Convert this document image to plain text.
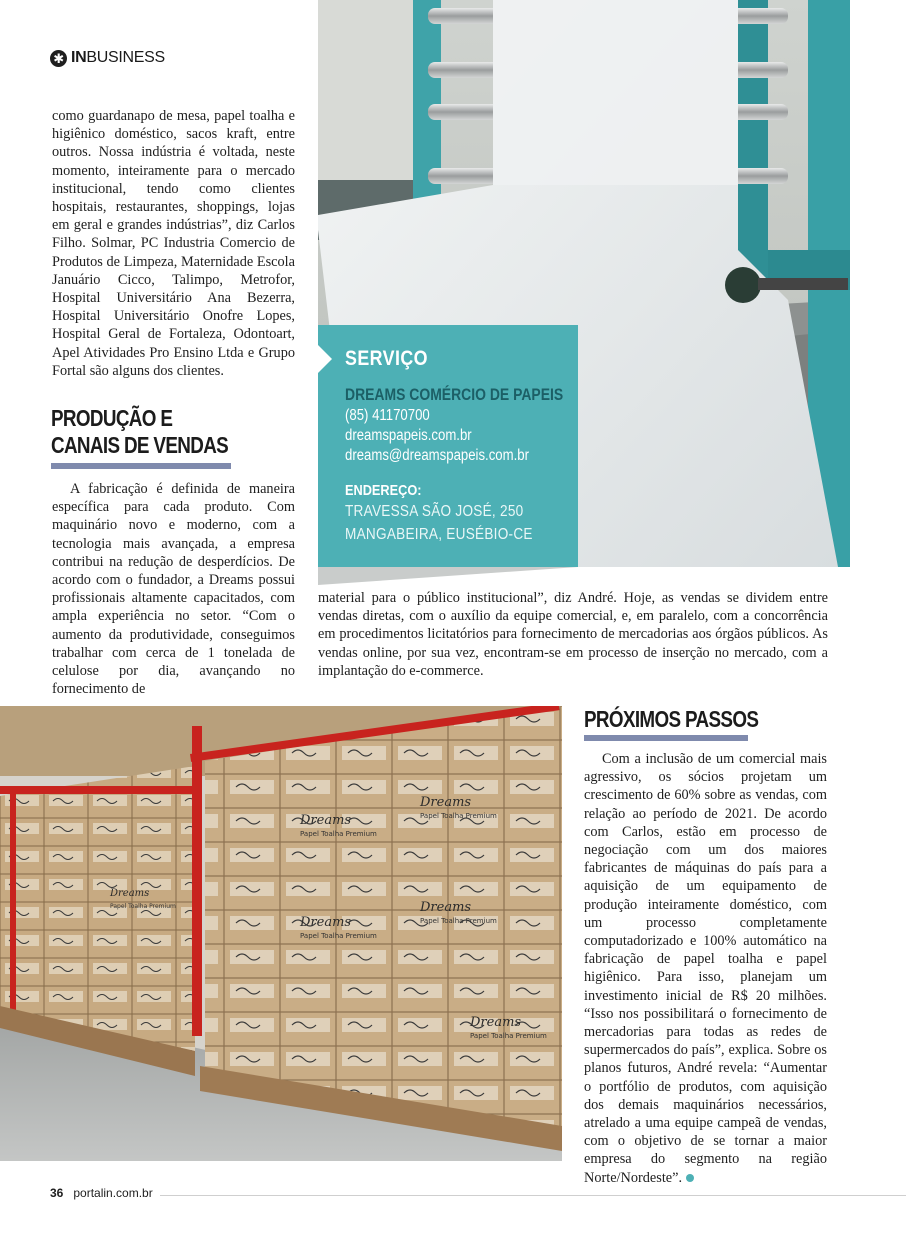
✱ IN BUSINESS
SERVIÇO
DREAMS COMÉRCIO DE PAPEIS
(85) 41170700
dreamspapeis.com.br
dreams@dreamspapeis.com.br
ENDEREÇO:
TRAVESSA SÃO JOSÉ, 250
MANGABEIRA, EUSÉBIO-CE

como guardanapo de mesa, papel toalha e higiênico doméstico, sacos kraft, entre outros. Nossa indústria é voltada, neste momento, inteiramente para o mercado institucional, tendo como clientes hospitais, restaurantes, shoppings, lojas em geral e grandes indústrias”, diz Carlos Filho. Solmar, PC Industria Comercio de Produtos de Limpeza, Maternidade Escola Januário Cicco, Talimpo, Metrofor, Hospital Universitário Ana Bezerra, Hospital Universitário Onofre Lopes, Hospital Geral de Fortaleza, Odontoart, Apel Atividades Pro Ensino Ltda e Grupo Fortal são alguns dos clientes.

PRODUÇÃO E
CANAIS DE VENDAS

A fabricação é definida de maneira específica para cada produto. Com maquinário novo e moderno, com a tecnologia mais avançada, a empresa contribui na redução de desperdícios. De acordo com o fundador, a Dreams possui profissionais altamente capacitados, com ampla experiência no setor. “Com o aumento da produtividade, conseguimos trabalhar com cerca de 1 tonelada de celulose por dia, avançando no fornecimento de

material para o público institucional”, diz André. Hoje, as vendas se dividem entre vendas diretas, com o auxílio da equipe comercial, e, em paralelo, com a concorrência em procedimentos licitatórios para fornecimento de mercadorias aos órgãos públicos. As vendas online, por sua vez, encontram-se em processo de inserção no mercado, com a implantação do e-commerce.

Dreams
Papel Toalha Premium
Dreams
Papel Toalha Premium
Dreams
Papel Toalha Premium
Dreams
Papel Toalha Premium
Dreams
Papel Toalha Premium
Dreams
Papel Toalha Premium
PRÓXIMOS PASSOS

Com a inclusão de um comercial mais agressivo, os sócios projetam um crescimento de 60% sobre as vendas, com relação ao período de 2021. De acordo com Carlos, estão em processo de negociação com um dos maiores fabricantes de máquinas do país para a aquisição de um equipamento de produção inteiramente doméstico, com um processo completamente computadorizado e 100% automático na fabricação de papel toalha e papel higiênico. Para isso, planejam um investimento inicial de R$ 20 milhões. “Isso nos possibilitará o fornecimento de mercadorias para todas as redes de supermercados do país”, explica. Sobre os planos futuros, André revela: “Aumentar o portfólio de produtos, com aquisição dos demais maquinários necessários, atrelado a uma equipe campeã de vendas, com o objetivo de se tornar a maior empresa do segmento na região Norte/Nordeste”.

36 portalin.com.br
